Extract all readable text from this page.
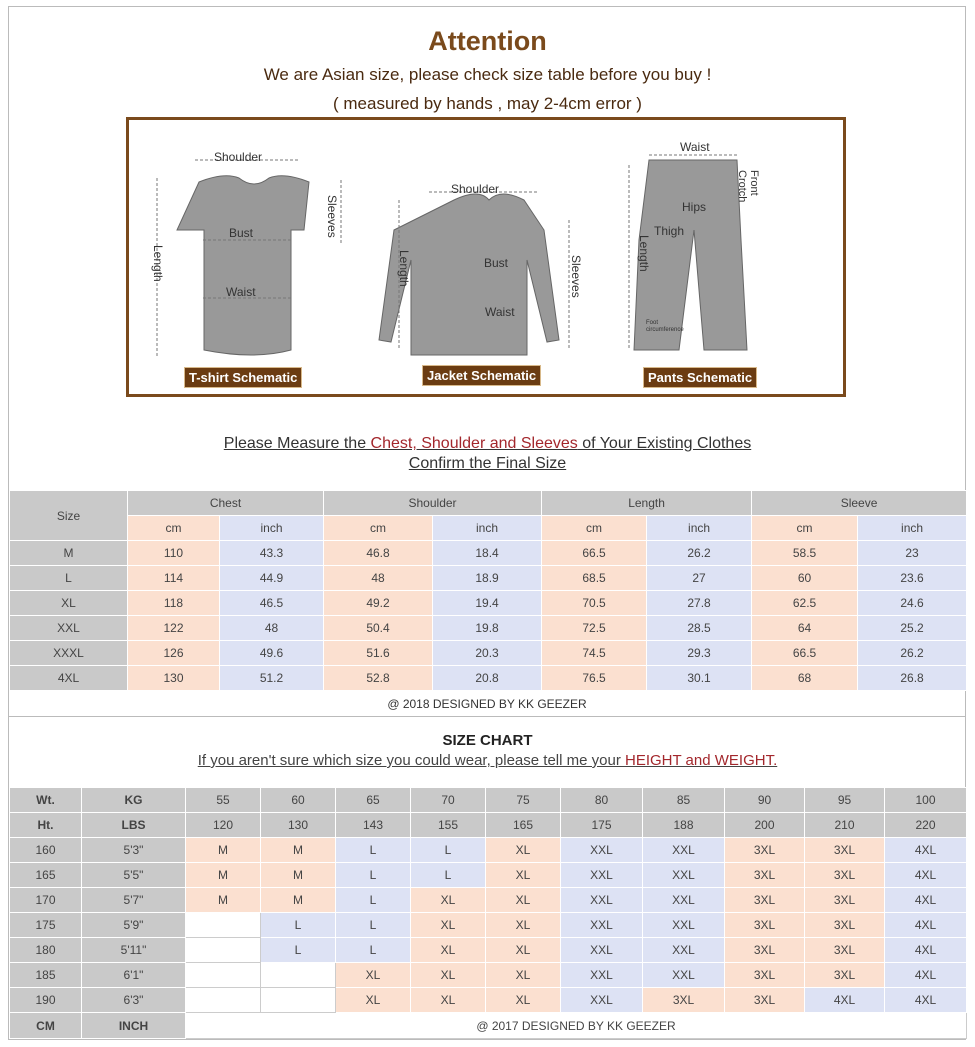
Attention
We are Asian size, please check size table before you buy !
( measured by hands , may 2-4cm error )
Shoulder
Bust
Waist
Length
Sleeves
T-shirt Schematic
Shoulder
Bust
Waist
Length	Sleeves
Jacket Schematic
Waist
Hips
Thigh
Length
Front Crotch
Foot circumference
Pants Schematic
Please Measure the Chest, Shoulder and Sleeves of Your Existing Clothes
Confirm the Final Size
Size	Chest		Shoulder		Length		Sleeve	
	cm	inch	cm	inch	cm	inch	cm	inch
M	110	43.3	46.8	18.4	66.5	26.2	58.5	23
L	114	44.9	48	18.9	68.5	27	60	23.6
XL	118	46.5	49.2	19.4	70.5	27.8	62.5	24.6
XXL	122	48	50.4	19.8	72.5	28.5	64	25.2
XXXL	126	49.6	51.6	20.3	74.5	29.3	66.5	26.2
4XL	130	51.2	52.8	20.8	76.5	30.1	68	26.8
@ 2018 DESIGNED BY KK GEEZER
SIZE CHART
If you aren't sure which size you could wear, please tell me your HEIGHT and WEIGHT.
Wt.	KG	55	60	65	70	75	80	85	90	95	100
Ht.	LBS	120	130	143	155	165	175	188	200	210	220
160	5'3"	M	M	L	L	XL	XXL	XXL	3XL	3XL	4XL
165	5'5"	M	M	L	L	XL	XXL	XXL	3XL	3XL	4XL
170	5'7"	M	M	L	XL	XL	XXL	XXL	3XL	3XL	4XL
175	5'9"		L	L	XL	XL	XXL	XXL	3XL	3XL	4XL
180	5'11"		L	L	XL	XL	XXL	XXL	3XL	3XL	4XL
185	6'1"			XL	XL	XL	XXL	XXL	3XL	3XL	4XL
190	6'3"			XL	XL	XL	XXL	3XL	3XL	4XL	4XL
CM	INCH	@ 2017 DESIGNED BY KK GEEZER									
